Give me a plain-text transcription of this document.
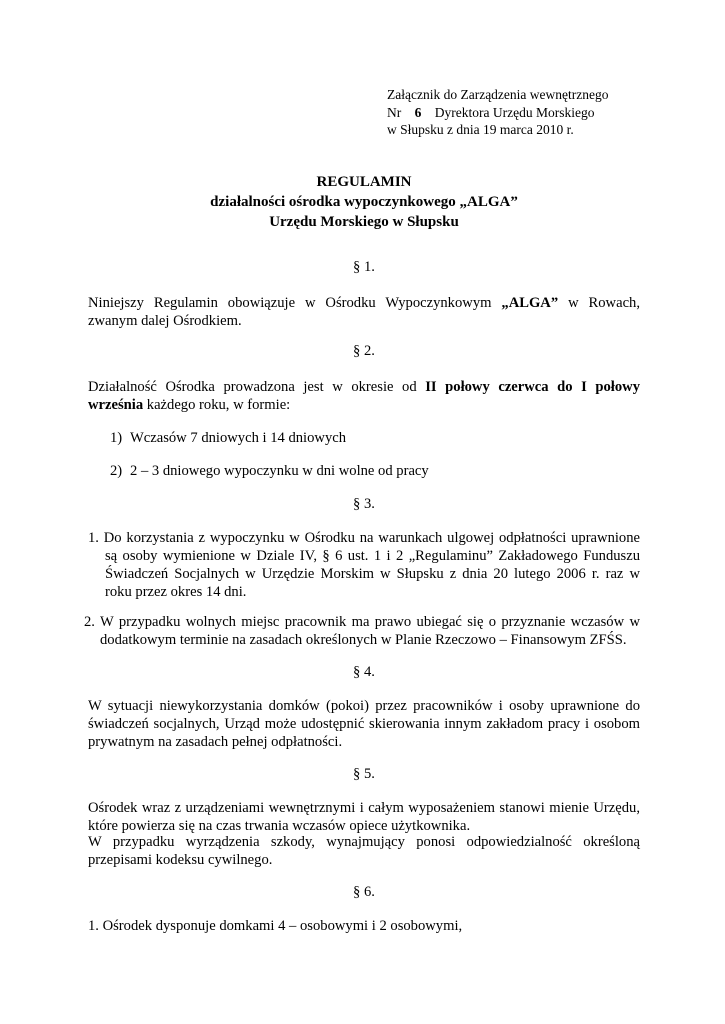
Załącznik do Zarządzenia wewnętrznego
Nr 6 Dyrektora Urzędu Morskiego
w Słupsku z dnia 19 marca 2010 r.
REGULAMIN
działalności ośrodka wypoczynkowego „ALGA”
Urzędu Morskiego w Słupsku
§ 1.
Niniejszy Regulamin obowiązuje w Ośrodku Wypoczynkowym „ALGA” w Rowach,
zwanym dalej Ośrodkiem.
§ 2.
Działalność Ośrodka prowadzona jest w okresie od II połowy czerwca do I połowy
września każdego roku, w formie:
1) Wczasów 7 dniowych i 14 dniowych
2) 2 – 3 dniowego wypoczynku w dni wolne od pracy
§ 3.
1. Do korzystania z wypoczynku w Ośrodku na warunkach ulgowej odpłatności uprawnione
są osoby wymienione w Dziale IV, § 6 ust. 1 i 2 „Regulaminu” Zakładowego Funduszu
Świadczeń Socjalnych w Urzędzie Morskim w Słupsku z dnia 20 lutego 2006 r. raz w
roku przez okres 14 dni.
2. W przypadku wolnych miejsc pracownik ma prawo ubiegać się o przyznanie wczasów w
dodatkowym terminie na zasadach określonych w Planie Rzeczowo – Finansowym ZFŚS.
§ 4.
W sytuacji niewykorzystania domków (pokoi) przez pracowników i osoby uprawnione do
świadczeń socjalnych, Urząd może udostępnić skierowania innym zakładom pracy i osobom
prywatnym na zasadach pełnej odpłatności.
§ 5.
Ośrodek wraz z urządzeniami wewnętrznymi i całym wyposażeniem stanowi mienie Urzędu,
które powierza się na czas trwania wczasów opiece użytkownika.
W przypadku wyrządzenia szkody, wynajmujący ponosi odpowiedzialność określoną
przepisami kodeksu cywilnego.
§ 6.
1. Ośrodek dysponuje domkami 4 – osobowymi i 2 osobowymi,
